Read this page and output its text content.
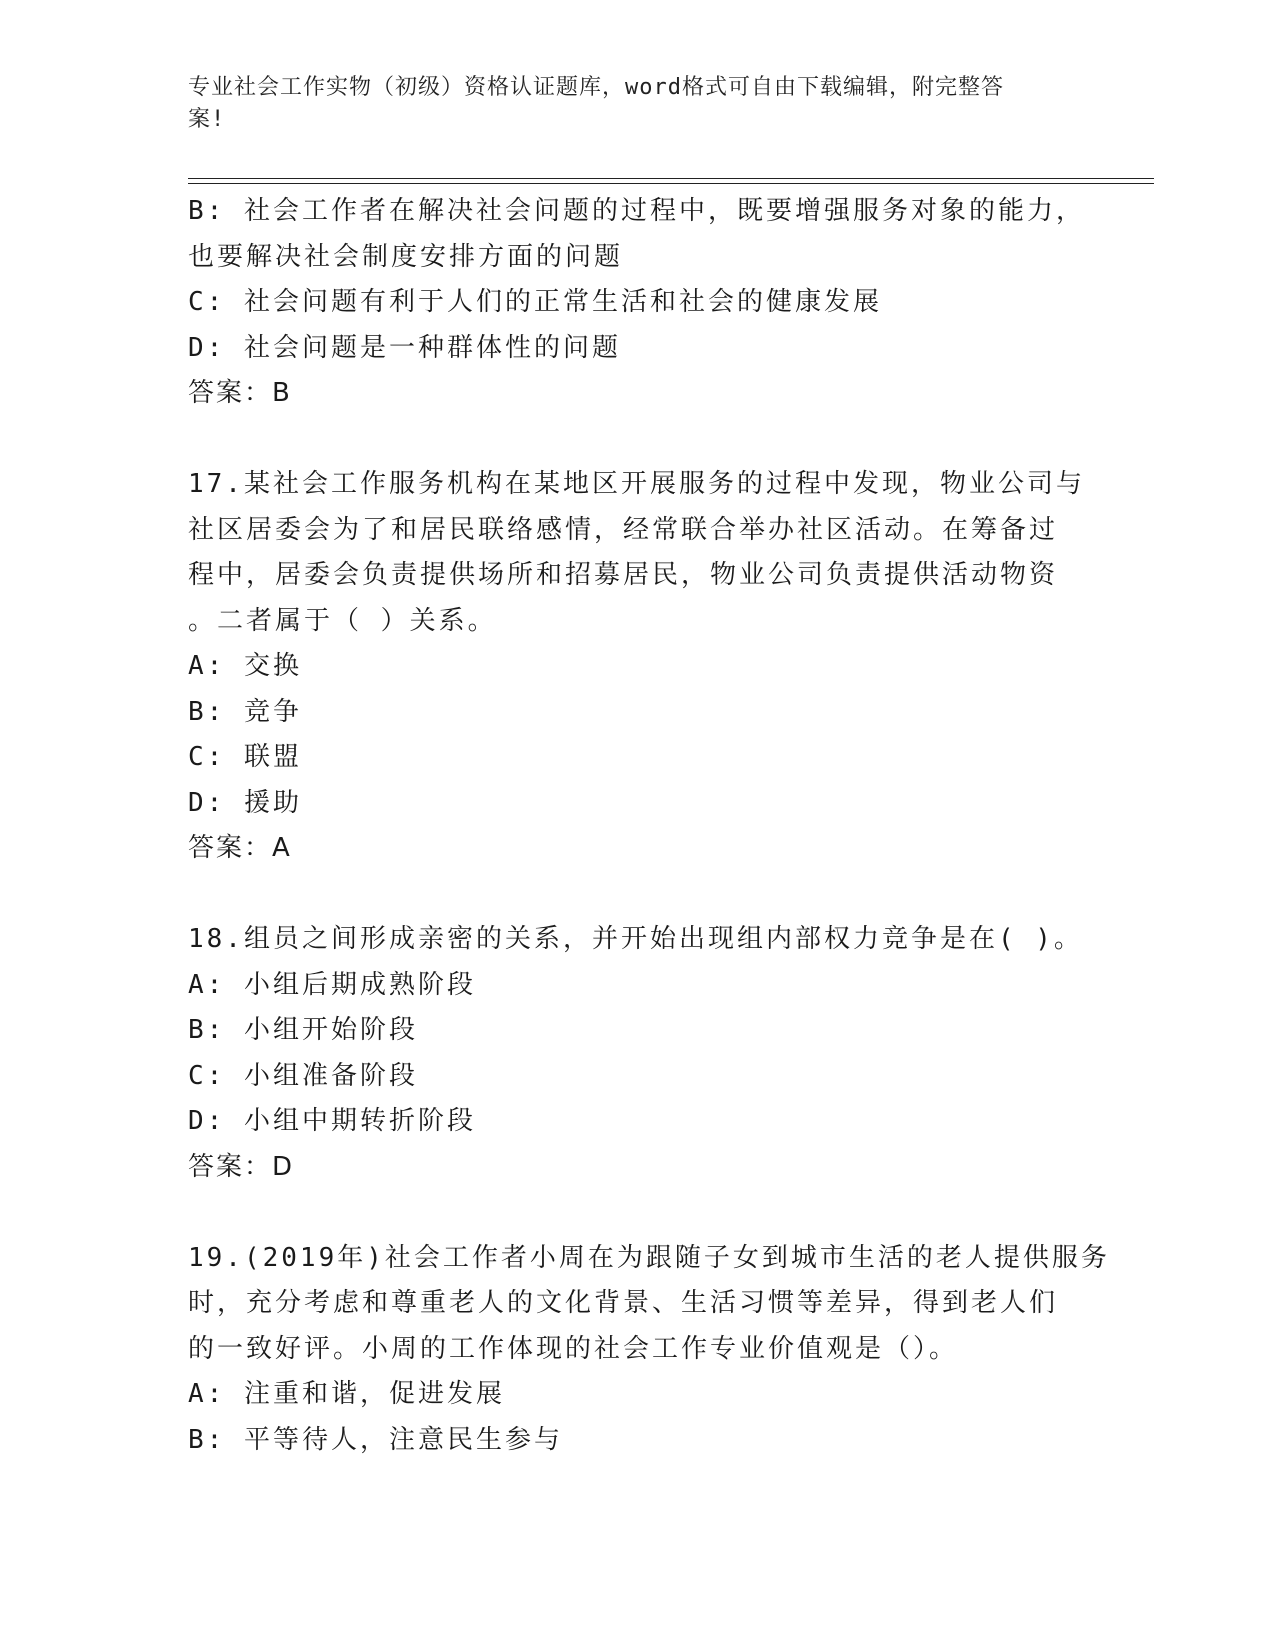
专业社会工作实物（初级）资格认证题库，word格式可自由下载编辑，附完整答
案!
B: 社会工作者在解决社会问题的过程中，既要增强服务对象的能力，
也要解决社会制度安排方面的问题
C: 社会问题有利于人们的正常生活和社会的健康发展
D: 社会问题是一种群体性的问题
答案：B
17.某社会工作服务机构在某地区开展服务的过程中发现，物业公司与
社区居委会为了和居民联络感情，经常联合举办社区活动。在筹备过
程中，居委会负责提供场所和招募居民，物业公司负责提供活动物资
。二者属于（ ）关系。
A: 交换
B: 竞争
C: 联盟
D: 援助
答案：A
18.组员之间形成亲密的关系，并开始出现组内部权力竞争是在( )。
A: 小组后期成熟阶段
B: 小组开始阶段
C: 小组准备阶段
D: 小组中期转折阶段
答案：D
19.(2019年)社会工作者小周在为跟随子女到城市生活的老人提供服务
时，充分考虑和尊重老人的文化背景、生活习惯等差异，得到老人们
的一致好评。小周的工作体现的社会工作专业价值观是（）。
A: 注重和谐，促进发展
B: 平等待人，注意民生参与
